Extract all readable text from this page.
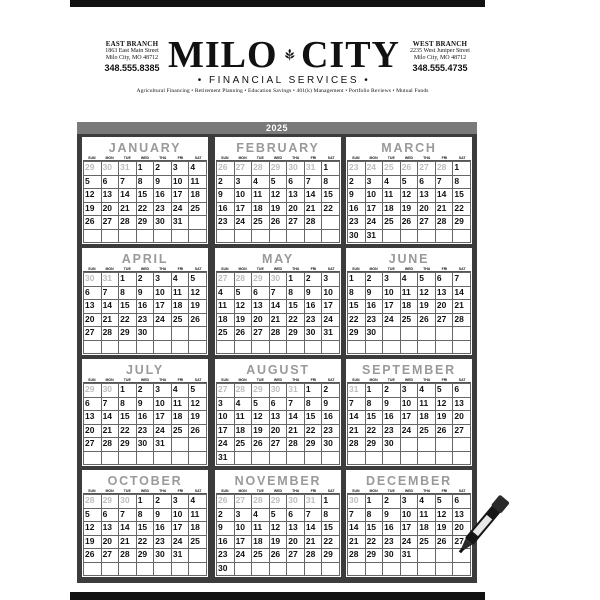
EAST BRANCH
1863 East Main Street
Milo City, MO 48712
348.555.8385 MILO CITY
• FINANCIAL SERVICES •
WEST BRANCH
2235 West Juniper Street
Milo City, MO 48712
348.555.4735
Agricultural Financing • Retirement Planning • Education Savings • 401(k) Management • Portfolio Reviews • Mutual Funds
2025
JANUARY
SUN	MON	TUE	WED	THU	FRI	SAT
29 30 31 1 2 3 4
5 6 7 8 9 10 11
12 13 14 15 16 17 18
19 20 21 22 23 24 25
26 27 28 29 30 31
FEBRUARY
SUN	MON	TUE	WED	THU	FRI	SAT
26 27 28 29 30 31 1
2 3 4 5 6 7 8
9 10 11 12 13 14 15
16 17 18 19 20 21 22
23 24 25 26 27 28
MARCH
SUN	MON	TUE	WED	THU	FRI	SAT
23 24 25 26 27 28 1
2 3 4 5 6 7 8
9 10 11 12 13 14 15
16 17 18 19 20 21 22
23 24 25 26 27 28 29
30 31
APRIL
SUN	MON	TUE	WED	THU	FRI	SAT
30 31 1 2 3 4 5
6 7 8 9 10 11 12
13 14 15 16 17 18 19
20 21 22 23 24 25 26
27 28 29 30
MAY
SUN	MON	TUE	WED	THU	FRI	SAT
27 28 29 30 1 2 3
4 5 6 7 8 9 10
11 12 13 14 15 16 17
18 19 20 21 22 23 24
25 26 27 28 29 30 31
JUNE
SUN	MON	TUE	WED	THU	FRI	SAT
1 2 3 4 5 6 7
8 9 10 11 12 13 14
15 16 17 18 19 20 21
22 23 24 25 26 27 28
29 30
JULY
SUN	MON	TUE	WED	THU	FRI	SAT
29 30 1 2 3 4 5
6 7 8 9 10 11 12
13 14 15 16 17 18 19
20 21 22 23 24 25 26
27 28 29 30 31
AUGUST
SUN	MON	TUE	WED	THU	FRI	SAT
27 28 29 30 31 1 2
3 4 5 6 7 8 9
10 11 12 13 14 15 16
17 18 19 20 21 22 23
24 25 26 27 28 29 30
31
SEPTEMBER
SUN	MON	TUE	WED	THU	FRI	SAT
31 1 2 3 4 5 6
7 8 9 10 11 12 13
14 15 16 17 18 19 20
21 22 23 24 25 26 27
28 29 30
OCTOBER
SUN	MON	TUE	WED	THU	FRI	SAT
28 29 30 1 2 3 4
5 6 7 8 9 10 11
12 13 14 15 16 17 18
19 20 21 22 23 24 25
26 27 28 29 30 31
NOVEMBER
SUN	MON	TUE	WED	THU	FRI	SAT
26 27 28 29 30 31 1
2 3 4 5 6 7 8
9 10 11 12 13 14 15
16 17 18 19 20 21 22
23 24 25 26 27 28 29
30
DECEMBER
SUN	MON	TUE	WED	THU	FRI	SAT
30 1 2 3 4 5 6
7 8 9 10 11 12 13
14 15 16 17 18 19 20
21 22 23 24 25 26 27
28 29 30 31
